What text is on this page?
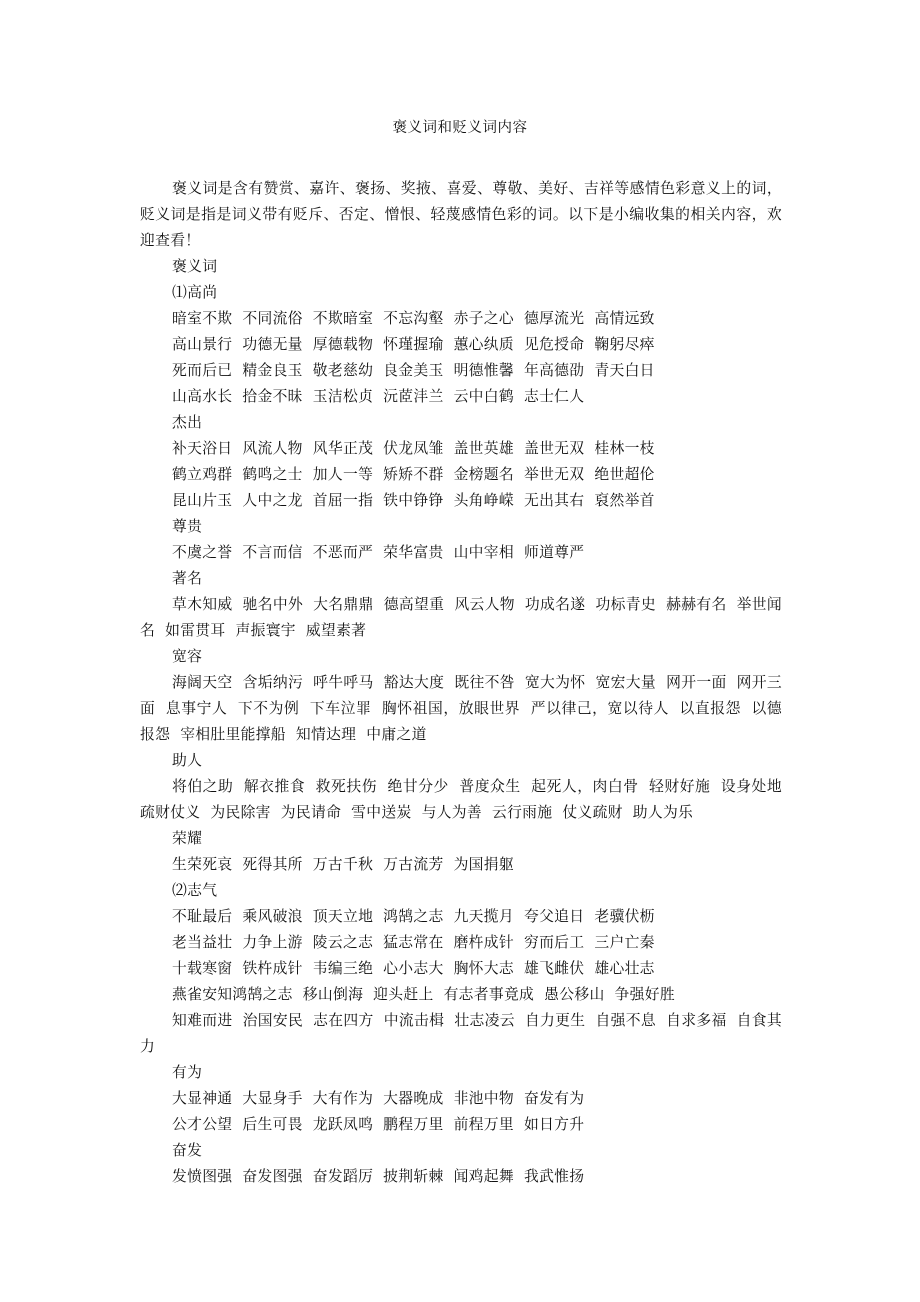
褒义词和贬义词内容

褒义词是含有赞赏、嘉许、褒扬、奖掖、喜爱、尊敬、美好、吉祥等感情色彩意义上的词，贬义词是指是词义带有贬斥、否定、憎恨、轻蔑感情色彩的词。以下是小编收集的相关内容，欢迎查看！

褒义词

⑴高尚

暗室不欺  不同流俗  不欺暗室  不忘沟壑  赤子之心  德厚流光  高情远致

高山景行  功德无量  厚德载物  怀瑾握瑜  蕙心纨质  见危授命  鞠躬尽瘁

死而后已  精金良玉  敬老慈幼  良金美玉  明德惟馨  年高德劭  青天白日

山高水长  拾金不昧  玉洁松贞  沅茝沣兰  云中白鹤  志士仁人

杰出

补天浴日  风流人物  风华正茂  伏龙凤雏  盖世英雄  盖世无双  桂林一枝

鹤立鸡群  鹤鸣之士  加人一等  矫矫不群  金榜题名  举世无双  绝世超伦

昆山片玉  人中之龙  首屈一指  铁中铮铮  头角峥嵘  无出其右  裒然举首

尊贵

不虞之誉  不言而信  不恶而严  荣华富贵  山中宰相  师道尊严

著名

草木知威  驰名中外  大名鼎鼎  德高望重  风云人物  功成名遂  功标青史  赫赫有名  举世闻名  如雷贯耳  声振寰宇  威望素著

宽容

海阔天空  含垢纳污  呼牛呼马  豁达大度  既往不咎  宽大为怀  宽宏大量  网开一面  网开三面  息事宁人  下不为例  下车泣罪  胸怀祖国，放眼世界  严以律己，宽以待人  以直报怨  以德报怨  宰相肚里能撑船  知情达理  中庸之道

助人

将伯之助  解衣推食  救死扶伤  绝甘分少  普度众生  起死人，肉白骨  轻财好施  设身处地  疏财仗义  为民除害  为民请命  雪中送炭  与人为善  云行雨施  仗义疏财  助人为乐

荣耀

生荣死哀  死得其所  万古千秋  万古流芳  为国捐躯

⑵志气

不耻最后  乘风破浪  顶天立地  鸿鹄之志  九天揽月  夸父追日  老骥伏枥

老当益壮  力争上游  陵云之志  猛志常在  磨杵成针  穷而后工  三户亡秦

十载寒窗  铁杵成针  韦编三绝  心小志大  胸怀大志  雄飞雌伏  雄心壮志

燕雀安知鸿鹄之志  移山倒海  迎头赶上  有志者事竟成  愚公移山  争强好胜

知难而进  治国安民  志在四方  中流击楫  壮志凌云  自力更生  自强不息  自求多福  自食其力

有为

大显神通  大显身手  大有作为  大器晚成  非池中物  奋发有为

公才公望  后生可畏  龙跃凤鸣  鹏程万里  前程万里  如日方升

奋发

发愤图强  奋发图强  奋发蹈厉  披荆斩棘  闻鸡起舞  我武惟扬
